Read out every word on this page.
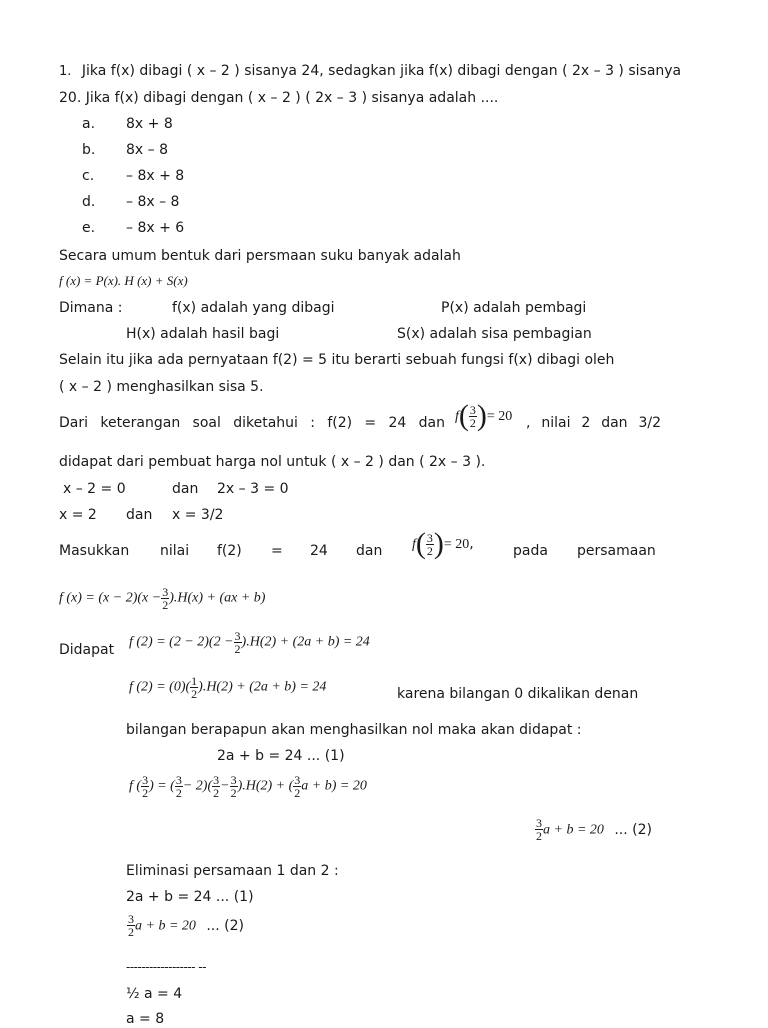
1. Jika f(x) dibagi ( x – 2 ) sisanya 24, sedagkan jika f(x) dibagi dengan ( 2x – 3 ) sisanya
20. Jika f(x) dibagi dengan ( x – 2 ) ( 2x – 3 ) sisanya adalah ....
a. 8x + 8
b. 8x – 8
c. – 8x + 8
d. – 8x – 8
e. – 8x + 6
Secara umum bentuk dari persmaan suku banyak adalah
f (x) = P(x). H (x) + S(x)
Dimana :	f(x) adalah yang dibagi	P(x) adalah pembagi
H(x) adalah hasil bagi	S(x) adalah sisa pembagian
Selain itu jika ada pernyataan f(2) = 5 itu berarti sebuah fungsi f(x) dibagi oleh
( x – 2 ) menghasilkan sisa 5.
Dari keterangan soal diketahui : f(2) = 24 dan $f( \frac{3}{2}$ )= 20 , nilai 2 dan 3/2
didapat dari pembuat harga nol untuk ( x – 2 ) dan ( 2x – 3 ).
x – 2 = 0	dan 2x – 3 = 0
x = 2 dan x = 3/2
Masukkan nilai f(2) = 24 dan $f( \frac{3}{2}$ )= 20,	pada persamaan
f $(x) = (x - 2)(x - \frac{3}{2} ).H(x) + (ax + b)$
Didapat f $(2) = (2 - 2)(2 - \frac{3}{2} ).H(2) + (2a + b) = 24$
f $(2) = (0)( \frac{1}{2} ).H(2) + (2a + b) = 24$	karena bilangan 0 dikalikan denan
bilangan berapapun akan menghasilkan nol maka akan didapat :
2a + b = 24 ... (1)
f ( $\frac{3}{2}$ ) = ( $\frac{3}{2} - 2)( \frac{3}{2} - \frac{3}{2} ).H(2)$ + ( $\frac{3}{2}$ a + b) = 20
$\frac{3}{2}$ a + b = 20 ... (2)
Eliminasi persamaan 1 dan 2 :
2a + b = 24 ... (1)
$\frac{3}{2}$ a + b = 20 ... (2)
------------------ --
½ a = 4
a = 8
